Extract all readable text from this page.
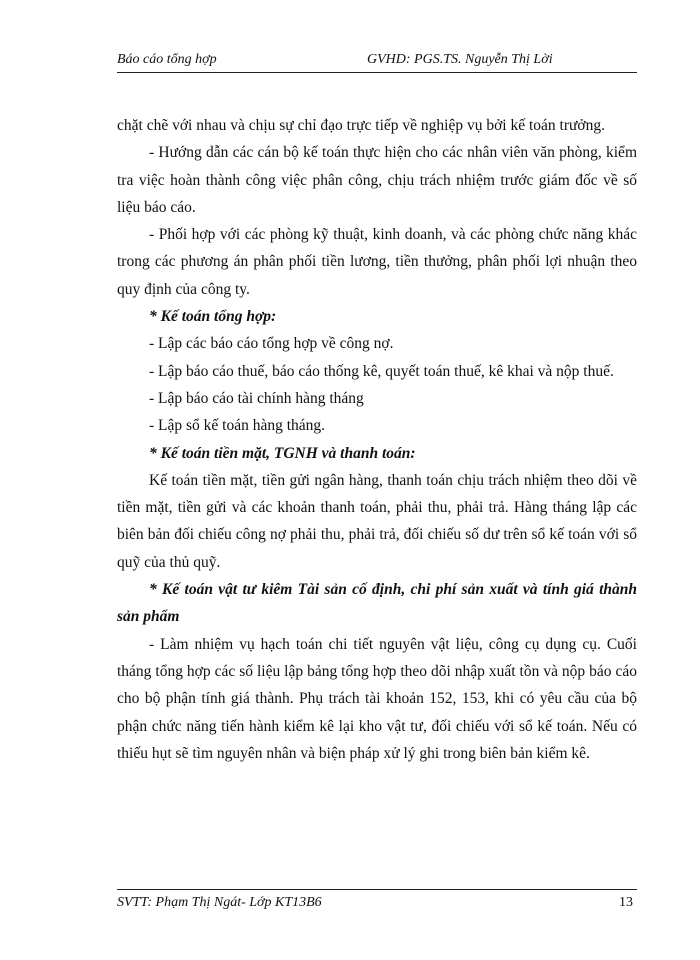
Báo cáo tổng hợp	GVHD: PGS.TS. Nguyễn Thị Lời

chặt chẽ với nhau và chịu sự chỉ đạo trực tiếp về nghiệp vụ bởi kế toán trưởng.

- Hướng dẫn các cán bộ kế toán thực hiện cho các nhân viên văn phòng, kiểm tra việc hoàn thành công việc phân công, chịu trách nhiệm trước giám đốc về số liệu báo cáo.

- Phối hợp với các phòng kỹ thuật, kinh doanh, và các phòng chức năng khác trong các phương án phân phối tiền lương, tiền thưởng, phân phối lợi nhuận theo quy định của công ty.

* Kế toán tổng hợp:

- Lập các báo cáo tổng hợp về công nợ.

- Lập báo cáo thuế, báo cáo thống kê, quyết toán thuế, kê khai và nộp thuế.

- Lập báo cáo tài chính hàng tháng

- Lập sổ kế toán hàng tháng.

* Kế toán tiền mặt, TGNH và thanh toán:

Kế toán tiền mặt, tiền gửi ngân hàng, thanh toán chịu trách nhiệm theo dõi về tiền mặt, tiền gửi và các khoản thanh toán, phải thu, phải trả. Hàng tháng lập các biên bản đối chiếu công nợ phải thu, phải trả, đối chiếu số dư trên sổ kế toán với sổ quỹ của thủ quỹ.

* Kế toán vật tư kiêm Tài sản cố định, chi phí sản xuất và tính giá thành sản phẩm

- Làm nhiệm vụ hạch toán chi tiết nguyên vật liệu, công cụ dụng cụ. Cuối tháng tổng hợp các số liệu lập bảng tổng hợp theo dõi nhập xuất tồn và nộp báo cáo cho bộ phận tính giá thành. Phụ trách tài khoản 152, 153, khi có yêu cầu của bộ phận chức năng tiến hành kiểm kê lại kho vật tư, đối chiếu với sổ kế toán. Nếu có thiếu hụt sẽ tìm nguyên nhân và biện pháp xử lý ghi trong biên bản kiểm kê.

SVTT: Phạm Thị Ngát- Lớp KT13B6	13
